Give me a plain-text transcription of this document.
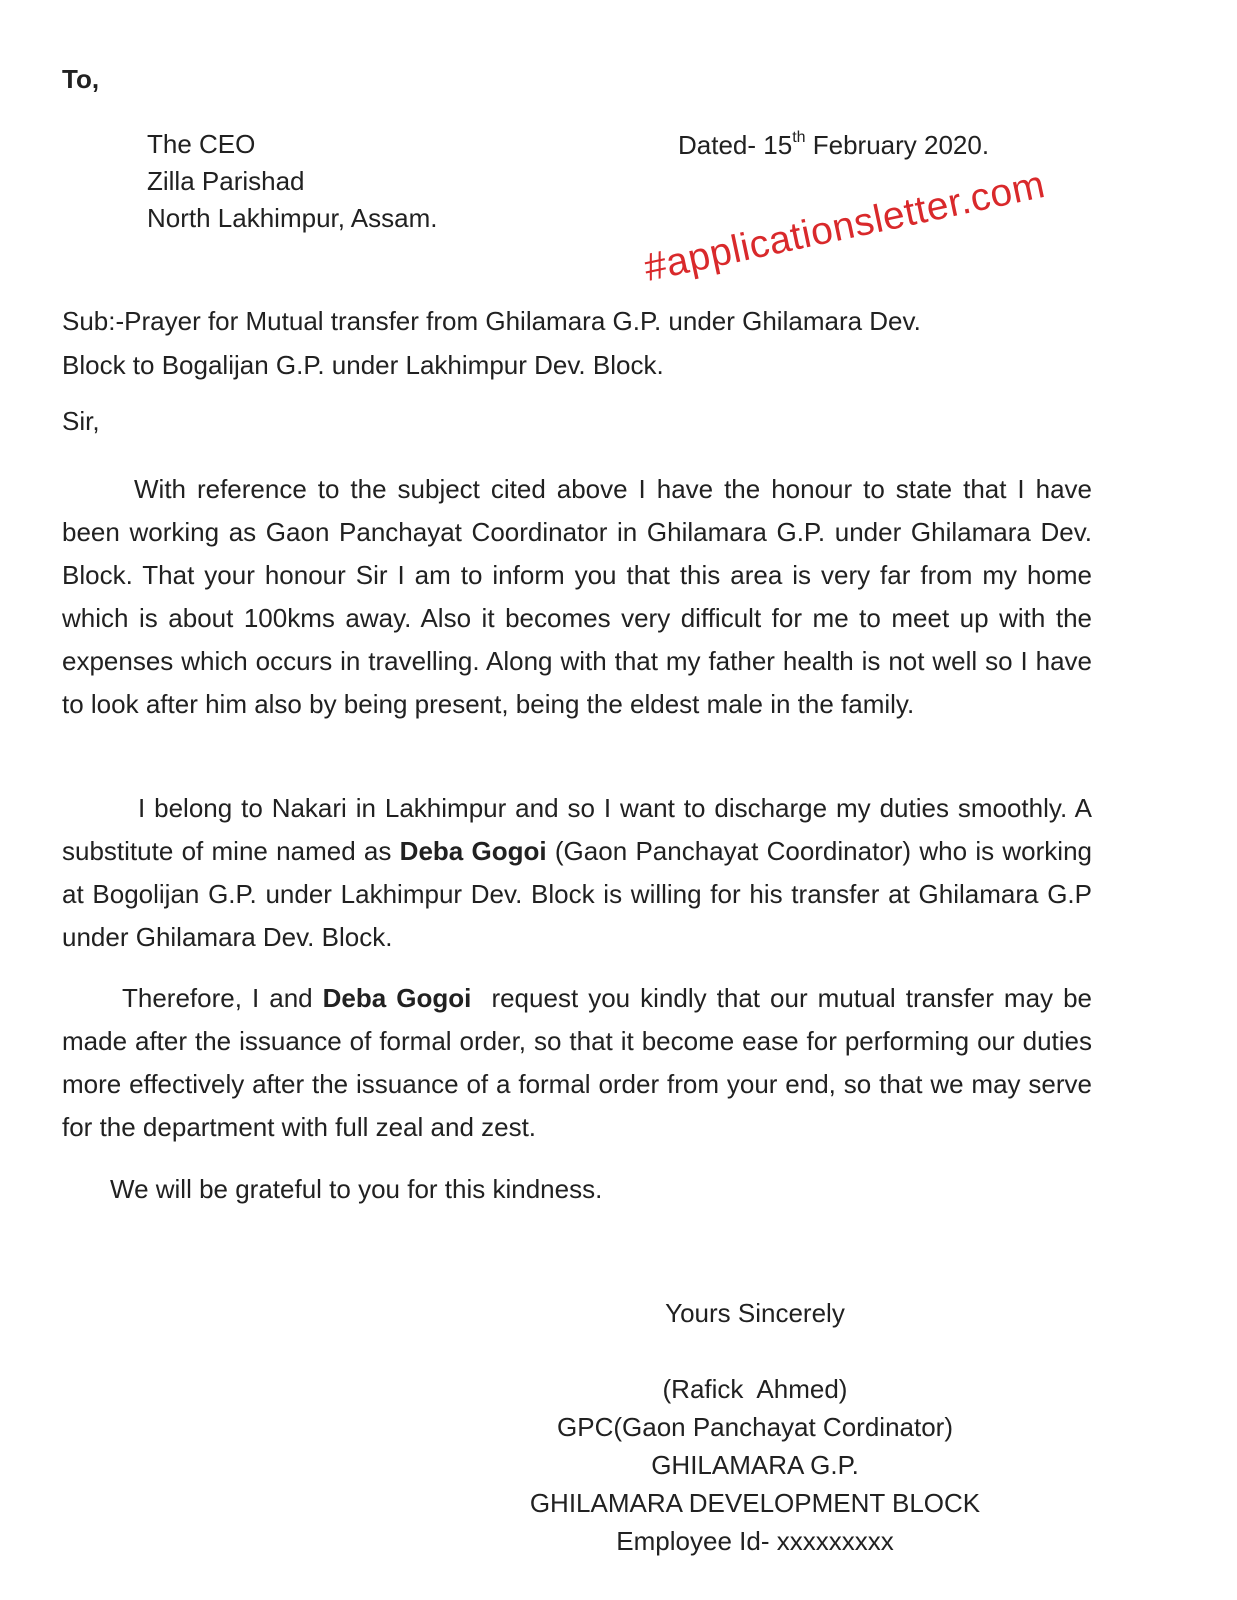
To,
The CEO
Zilla Parishad
North Lakhimpur, Assam.
Dated- 15th February 2020.
#applicationsletter.com
Sub:-Prayer for Mutual transfer from Ghilamara G.P. under Ghilamara Dev.
Block to Bogalijan G.P. under Lakhimpur Dev. Block.
Sir,

With reference to the subject cited above I have the honour to state that I have been working as Gaon Panchayat Coordinator in Ghilamara G.P. under Ghilamara Dev. Block. That your honour Sir I am to inform you that this area is very far from my home which is about 100kms away. Also it becomes very difficult for me to meet up with the expenses which occurs in travelling. Along with that my father health is not well so I have to look after him also by being present, being the eldest male in the family.

I belong to Nakari in Lakhimpur and so I want to discharge my duties smoothly. A substitute of mine named as Deba Gogoi (Gaon Panchayat Coordinator) who is working at Bogolijan G.P. under Lakhimpur Dev. Block is willing for his transfer at Ghilamara G.P under Ghilamara Dev. Block.

Therefore, I and Deba Gogoi  request you kindly that our mutual transfer may be made after the issuance of formal order, so that it become ease for performing our duties more effectively after the issuance of a formal order from your end, so that we may serve for the department with full zeal and zest.

We will be grateful to you for this kindness.

Yours Sincerely
(Rafick  Ahmed)
GPC(Gaon Panchayat Cordinator)
GHILAMARA G.P.
GHILAMARA DEVELOPMENT BLOCK
Employee Id- xxxxxxxxx
